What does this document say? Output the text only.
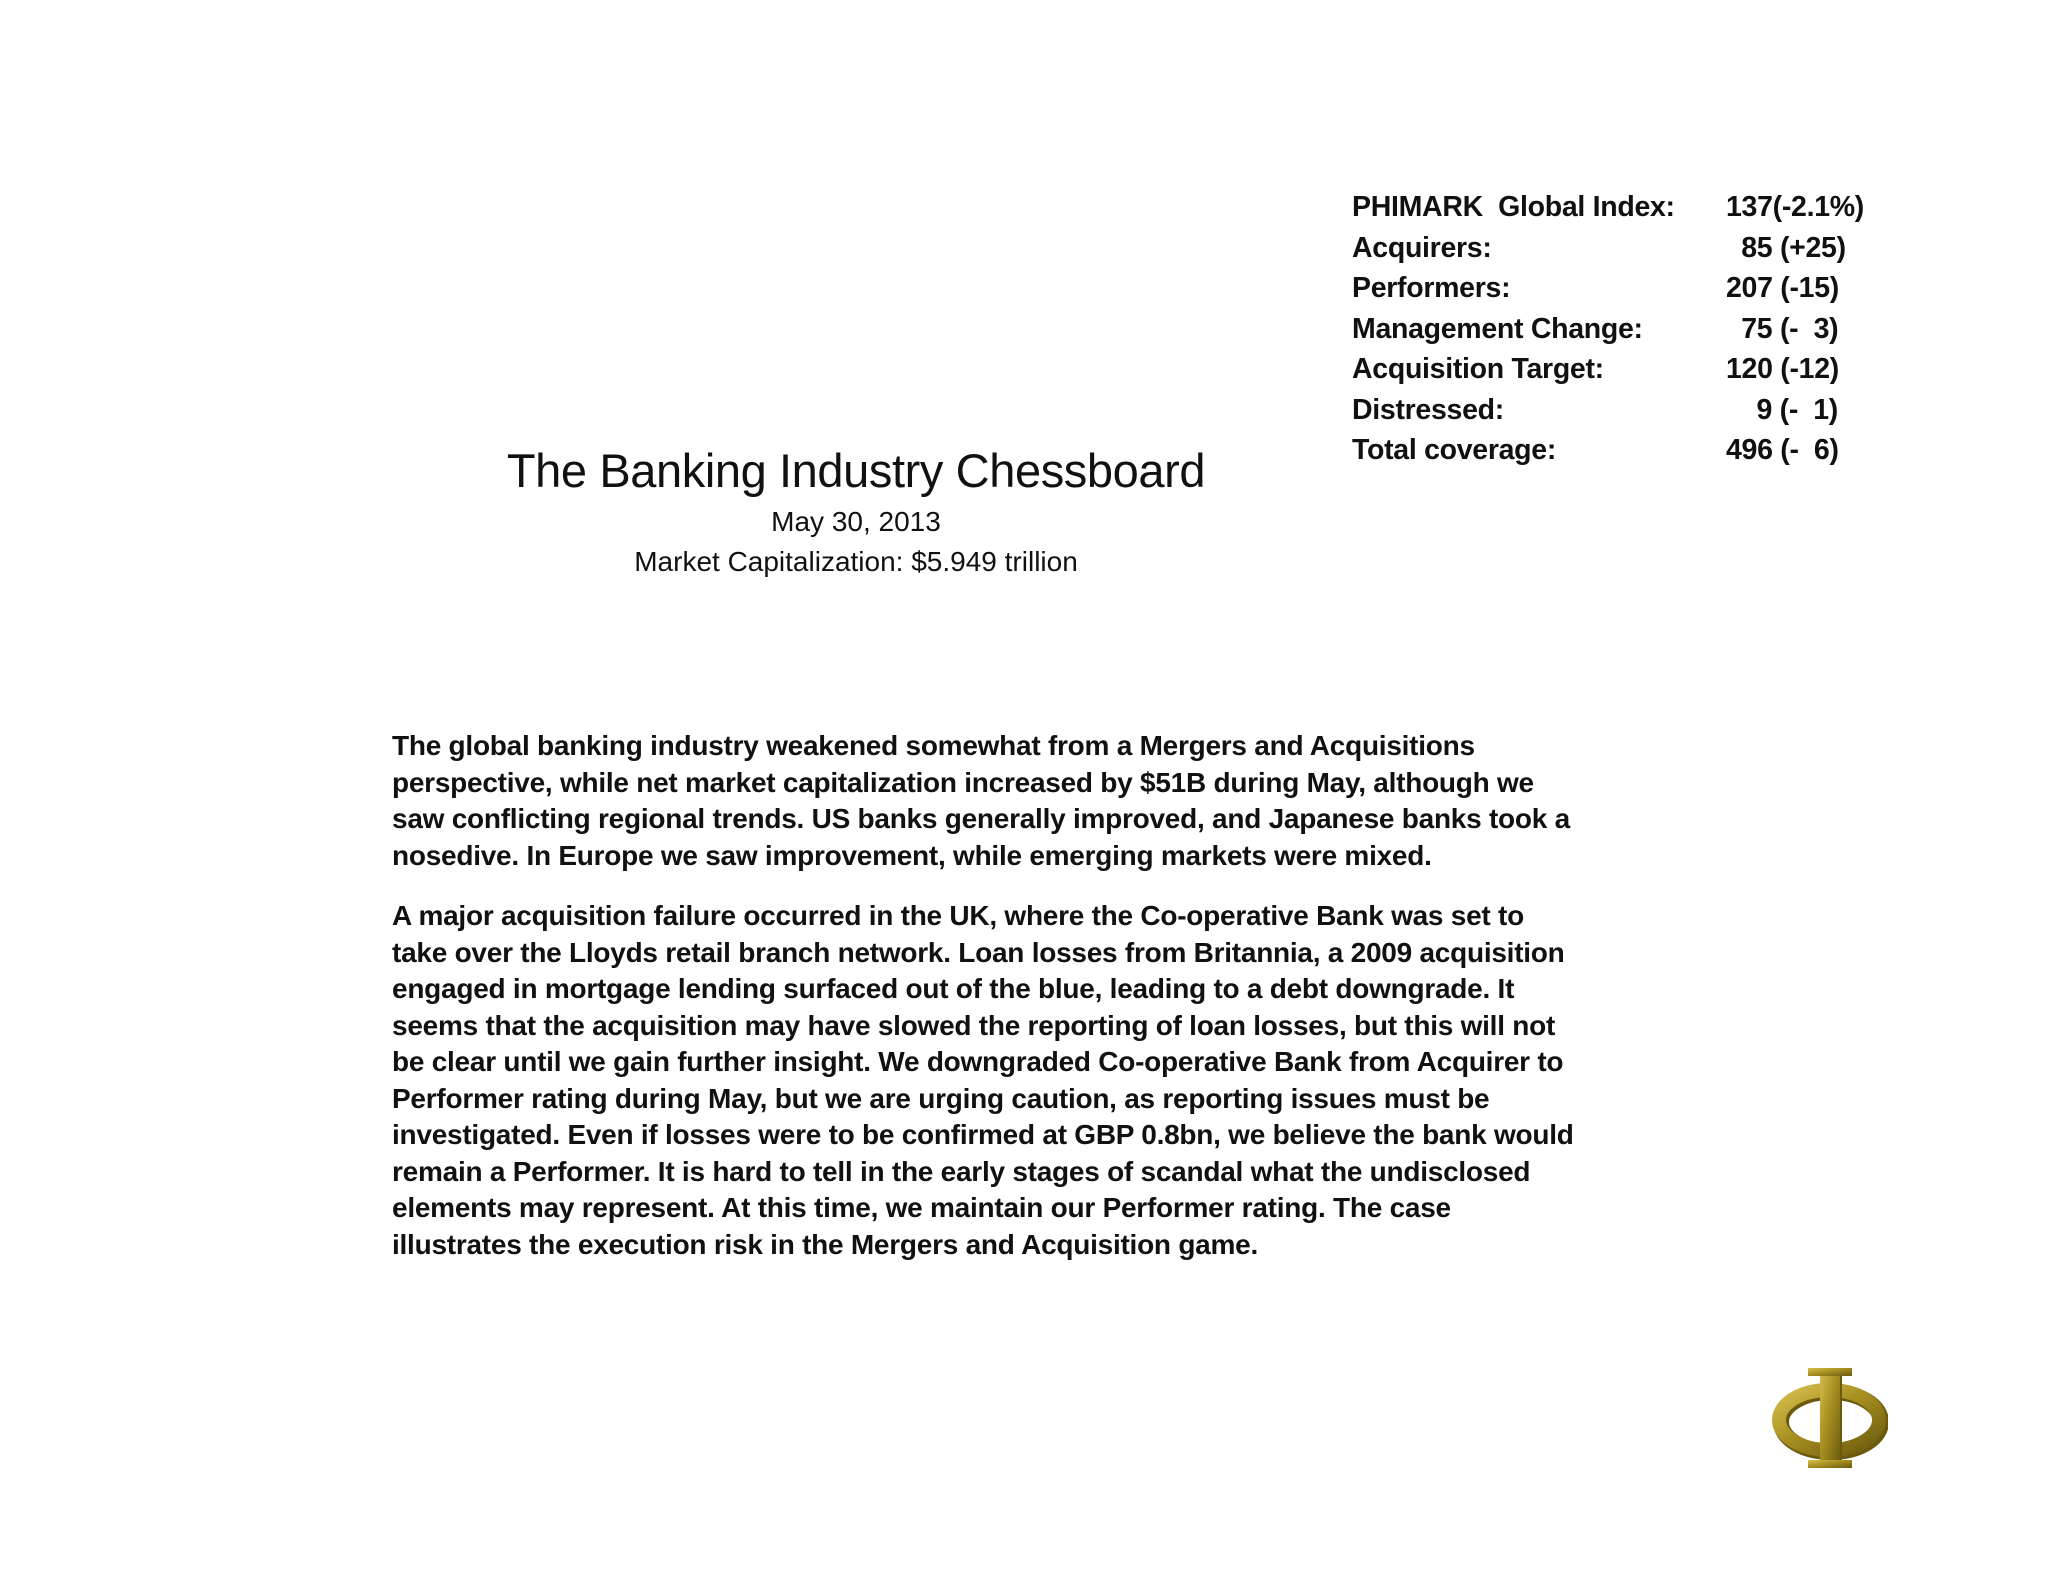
PHIMARK  Global Index:	137(-2.1%)
Acquirers:	85 (+25)
Performers:	207 (-15)
Management Change:	75 (-  3)
Acquisition Target:	120 (-12)
Distressed:	9 (-  1)
Total coverage:	496 (-  6)
The Banking Industry Chessboard
May 30, 2013
Market Capitalization: $5.949 trillion

The global banking industry weakened somewhat from a Mergers and Acquisitions
perspective, while net market capitalization increased by $51B during May, although we
saw conflicting regional trends. US banks generally improved, and Japanese banks took a
nosedive. In Europe we saw improvement, while emerging markets were mixed.

A major acquisition failure occurred in the UK, where the Co-operative Bank was set to
take over the Lloyds retail branch network. Loan losses from Britannia, a 2009 acquisition
engaged in mortgage lending surfaced out of the blue, leading to a debt downgrade. It
seems that the acquisition may have slowed the reporting of loan losses, but this will not
be clear until we gain further insight. We downgraded Co-operative Bank from Acquirer to
Performer rating during May, but we are urging caution, as reporting issues must be
investigated. Even if losses were to be confirmed at GBP 0.8bn, we believe the bank would
remain a Performer. It is hard to tell in the early stages of scandal what the undisclosed
elements may represent. At this time, we maintain our Performer rating. The case
illustrates the execution risk in the Mergers and Acquisition game.
